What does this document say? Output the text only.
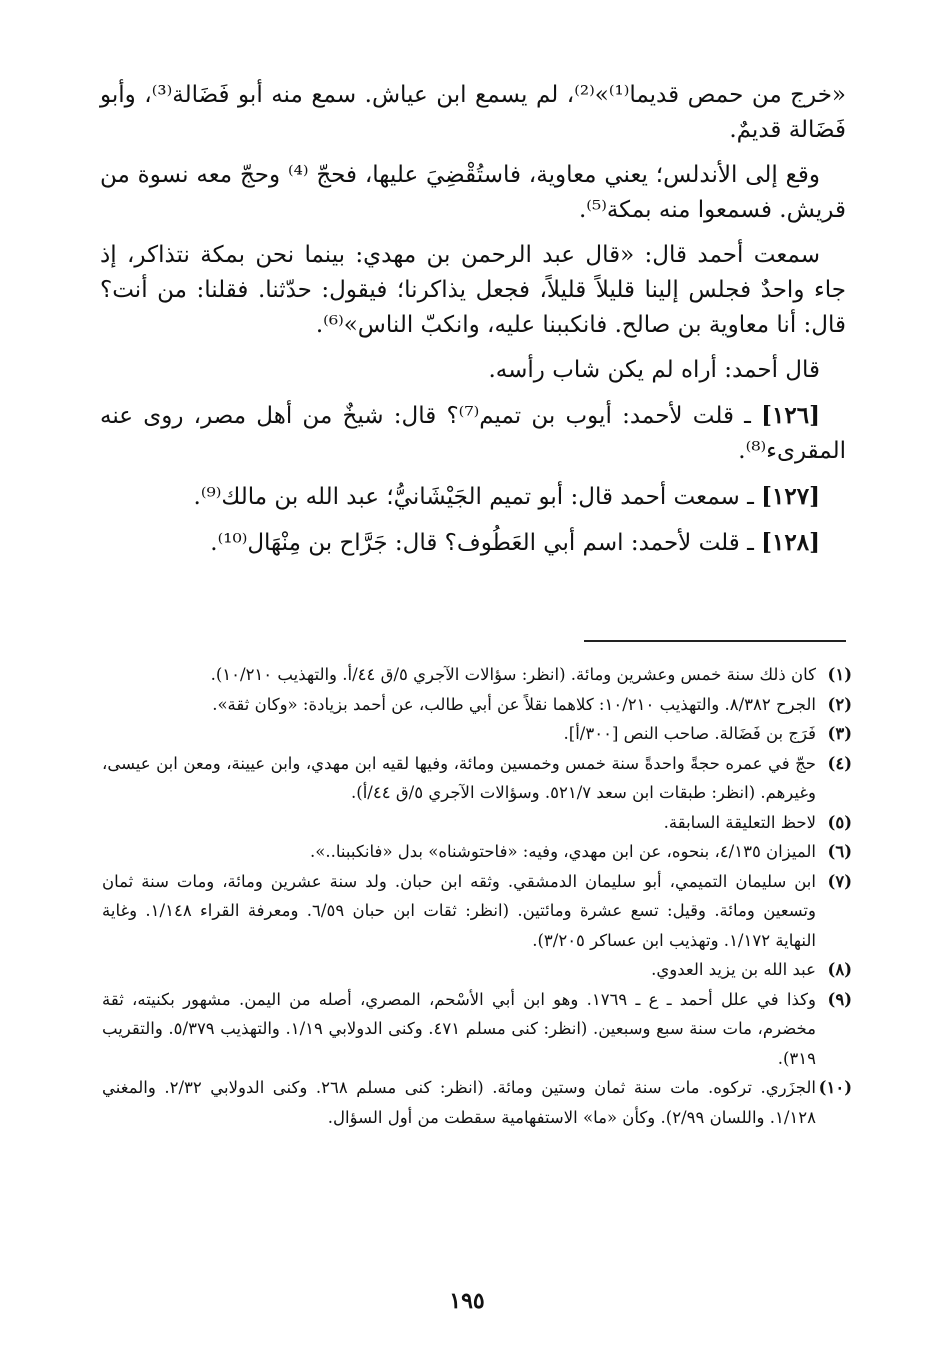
«خرج من حمص قديما⁽¹⁾»⁽²⁾، لم يسمع ابن عياش. سمع منه أبو فَضَالة⁽³⁾، وأبو فَضَالة قديمٌ.

وقع إلى الأندلس؛ يعني معاوية، فاستُقْضِيَ عليها، فحجّ ⁽⁴⁾ وحجّ معه نسوة من قريش. فسمعوا منه بمكة⁽⁵⁾.

سمعت أحمد قال: «قال عبد الرحمن بن مهدي: بينما نحن بمكة نتذاكر، إذ جاء واحدٌ فجلس إلينا قليلاً قليلاً، فجعل يذاكرنا؛ فيقول: حدّثنا. فقلنا: من أنت؟ قال: أنا معاوية بن صالح. فانكببنا عليه، وانكبّ الناس»⁽⁶⁾.

قال أحمد: أراه لم يكن شاب رأسه.

[١٢٦] ـ قلت لأحمد: أيوب بن تميم⁽⁷⁾؟ قال: شيخٌ من أهل مصر، روى عنه المقرىء⁽⁸⁾.

[١٢٧] ـ سمعت أحمد قال: أبو تميم الجَيْشَانيُّ؛ عبد الله بن مالك⁽⁹⁾.

[١٢٨] ـ قلت لأحمد: اسم أبي العَطُوف؟ قال: جَرَّاح بن مِنْهَال⁽¹⁰⁾.

(١)
كان ذلك سنة خمس وعشرين ومائة. (انظر: سؤالات الآجري ٥/ق ٤٤/أ. والتهذيب ١٠/٢١٠).
(٢)
الجرح ٨/٣٨٢. والتهذيب ١٠/٢١٠: كلاهما نقلاً عن أبي طالب، عن أحمد بزيادة: «وكان ثقة».
(٣)
فَرَج بن فَضَالة. صاحب النص [٣٠٠/أ].
(٤)
حجّ في عمره حجةً واحدةً سنة خمس وخمسين ومائة، وفيها لقيه ابن مهدي، وابن عيينة، ومعن ابن عيسى، وغيرهم. (انظر: طبقات ابن سعد ٥٢١/٧. وسؤالات الآجري ٥/ق ٤٤/أ).
(٥)
لاحظ التعليقة السابقة.
(٦)
الميزان ٤/١٣٥، بنحوه، عن ابن مهدي، وفيه: «فاحتوشناه» بدل «فانكببنا..».
(٧)
ابن سليمان التميمي، أبو سليمان الدمشقي. وثقه ابن حبان. ولد سنة عشرين ومائة، ومات سنة ثمان وتسعين ومائة. وقيل: تسع عشرة ومائتين. (انظر: ثقات ابن حبان ٦/٥٩. ومعرفة القراء ١/١٤٨. وغاية النهاية ١/١٧٢. وتهذيب ابن عساكر ٣/٢٠٥).
(٨)
عبد الله بن يزيد العدوي.
(٩)
وكذا في علل أحمد ـ ع ـ ١٧٦٩. وهو ابن أبي الأسْحم، المصري، أصله من اليمن. مشهور بكنيته، ثقة مخضرم، مات سنة سبع وسبعين. (انظر: كنى مسلم ٤٧١. وكنى الدولابي ١/١٩. والتهذيب ٥/٣٧٩. والتقريب ٣١٩).
(١٠)
الجزَري. تركوه. مات سنة ثمان وستين ومائة. (انظر: كنى مسلم ٢٦٨. وكنى الدولابي ٢/٣٢. والمغني ١/١٢٨. واللسان ٢/٩٩). وكأن «ما» الاستفهامية سقطت من أول السؤال.
١٩٥
